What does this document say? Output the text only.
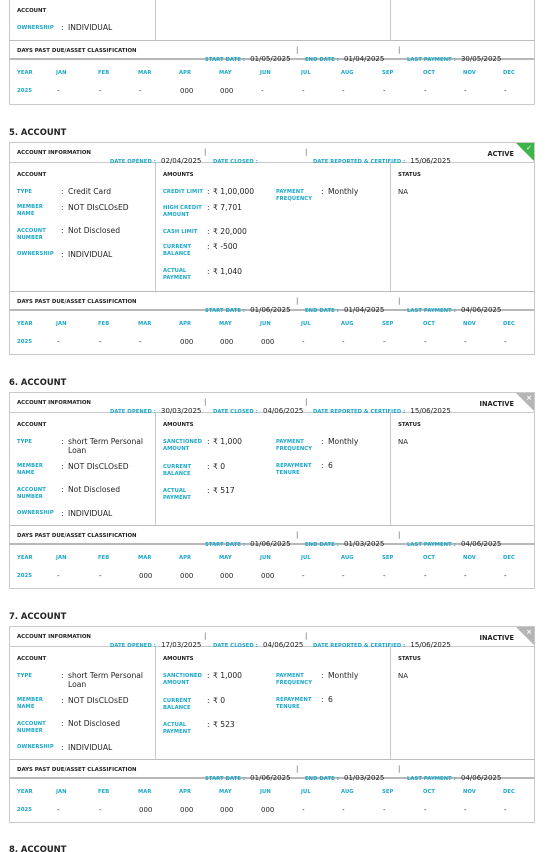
ACCOUNT
OWNERSHIP : INDIVIDUAL
DAYS PAST DUE/ASSET CLASSIFICATION
START DATE : 01/05/2025
|
END DATE : 01/04/2025
|
LAST PAYMENT : 30/05/2025
YEAR	JAN	FEB	MAR	APR	MAY	JUN	JUL	AUG	SEP	OCT	NOV	DEC
2025	-	-	-	000	000	-	-	-	-	-	-	-
5. ACCOUNT
ACCOUNT INFORMATION
DATE OPENED : 02/04/2025
|
DATE CLOSED :
|
DATE REPORTED & CERTIFIED : 15/06/2025
ACTIVE
✓
ACCOUNT
TYPE	: Credit Card
MEMBER NAME
: NOT DIsCLOsED
ACCOUNT NUMBER
: Not Disclosed
OWNERSHIP : INDIVIDUAL
AMOUNTS
CREDIT LIMIT : ₹ 1,00,000
HIGH CREDIT AMOUNT
: ₹ 7,701
CASH LIMIT : ₹ 20,000
CURRENT BALANCE
: ₹ -500
ACTUAL PAYMENT
: ₹ 1,040
PAYMENT FREQUENCY
: Monthly
STATUS
NA
DAYS PAST DUE/ASSET CLASSIFICATION
START DATE : 01/06/2025
|
END DATE : 01/04/2025
|
LAST PAYMENT : 04/06/2025
YEAR	JAN	FEB	MAR	APR	MAY	JUN	JUL	AUG	SEP	OCT	NOV	DEC
2025	-	-	-	000	000	000	-	-	-	-	-	-
6. ACCOUNT
ACCOUNT INFORMATION
DATE OPENED : 30/03/2025
|
DATE CLOSED : 04/06/2025
|
DATE REPORTED & CERTIFIED : 15/06/2025
INACTIVE
×
ACCOUNT
TYPE	: short Term Personal Loan
MEMBER NAME
: NOT DIsCLOsED
ACCOUNT NUMBER
: Not Disclosed
OWNERSHIP : INDIVIDUAL
AMOUNTS
SANCTIONED AMOUNT
: ₹ 1,000
CURRENT BALANCE
: ₹ 0
ACTUAL PAYMENT
: ₹ 517
PAYMENT FREQUENCY
: Monthly
REPAYMENT TENURE
: 6
STATUS
NA
DAYS PAST DUE/ASSET CLASSIFICATION
START DATE : 01/06/2025
|
END DATE : 01/03/2025
|
LAST PAYMENT : 04/06/2025
YEAR	JAN	FEB	MAR	APR	MAY	JUN	JUL	AUG	SEP	OCT	NOV	DEC
2025	-	-	000	000	000	000	-	-	-	-	-	-
7. ACCOUNT
ACCOUNT INFORMATION
DATE OPENED : 17/03/2025
|
DATE CLOSED : 04/06/2025
|
DATE REPORTED & CERTIFIED : 15/06/2025
INACTIVE
×
ACCOUNT
TYPE	: short Term Personal Loan
MEMBER NAME
: NOT DIsCLOsED
ACCOUNT NUMBER
: Not Disclosed
OWNERSHIP : INDIVIDUAL
AMOUNTS
SANCTIONED AMOUNT
: ₹ 1,000
CURRENT BALANCE
: ₹ 0
ACTUAL PAYMENT
: ₹ 523
PAYMENT FREQUENCY
: Monthly
REPAYMENT TENURE
: 6
STATUS
NA
DAYS PAST DUE/ASSET CLASSIFICATION
START DATE : 01/06/2025
|
END DATE : 01/03/2025
|
LAST PAYMENT : 04/06/2025
YEAR	JAN	FEB	MAR	APR	MAY	JUN	JUL	AUG	SEP	OCT	NOV	DEC
2025	-	-	000	000	000	000	-	-	-	-	-	-
8. ACCOUNT
